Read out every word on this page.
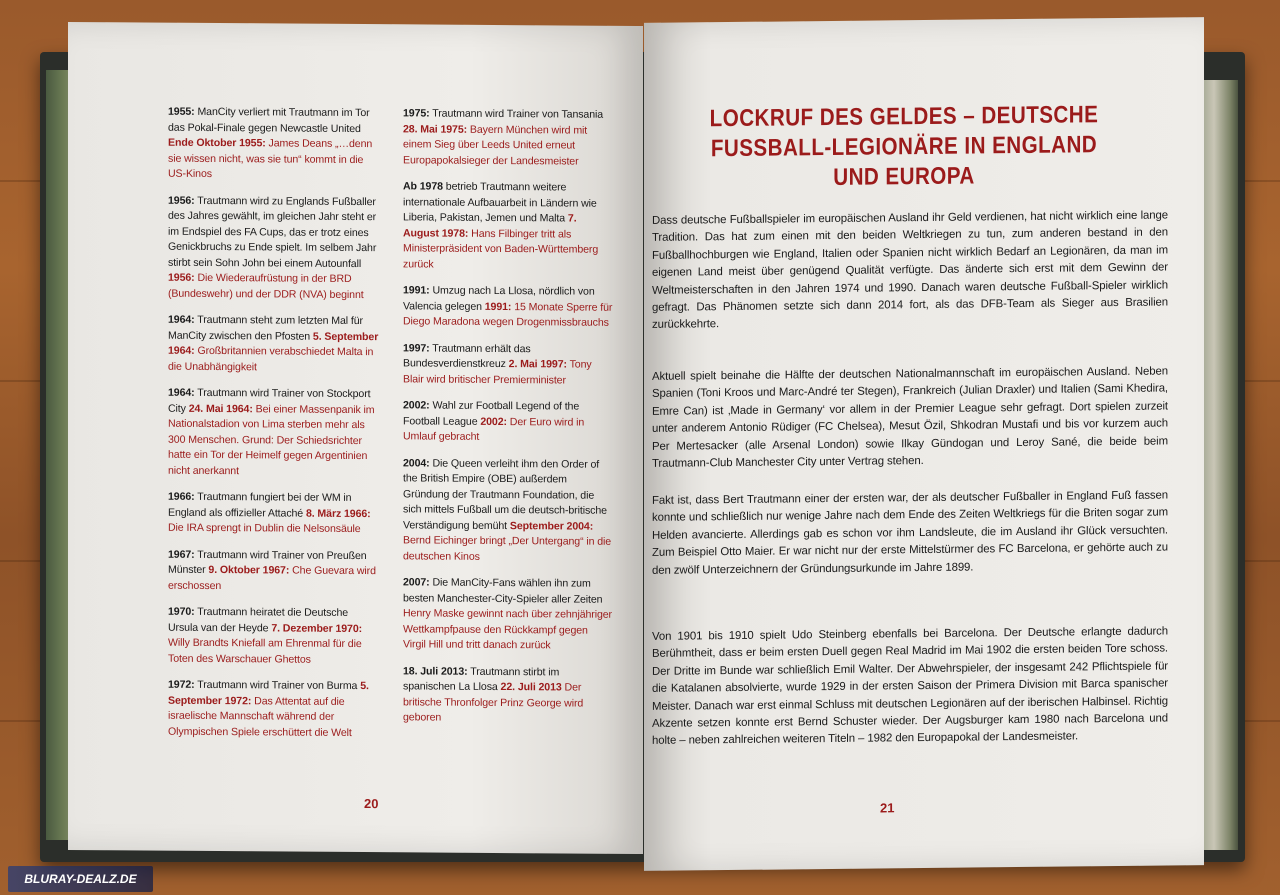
1955: ManCity verliert mit Trautmann im Tor das Pokal-Finale gegen Newcastle United Ende Oktober 1955: James Deans „…denn sie wissen nicht, was sie tun“ kommt in die US-Kinos
1956: Trautmann wird zu Englands Fußballer des Jahres gewählt, im gleichen Jahr steht er im Endspiel des FA Cups, das er trotz eines Genickbruchs zu Ende spielt. Im selbem Jahr stirbt sein Sohn John bei einem Autounfall 1956: Die Wiederaufrüstung in der BRD (Bundeswehr) und der DDR (NVA) beginnt
1964: Trautmann steht zum letzten Mal für ManCity zwischen den Pfosten 5. September 1964: Großbritannien verabschiedet Malta in die Unabhängigkeit
1964: Trautmann wird Trainer von Stockport City 24. Mai 1964: Bei einer Massenpanik im Nationalstadion von Lima sterben mehr als 300 Menschen. Grund: Der Schiedsrichter hatte ein Tor der Heimelf gegen Argentinien nicht anerkannt
1966: Trautmann fungiert bei der WM in England als offizieller Attaché 8. März 1966: Die IRA sprengt in Dublin die Nelsonsäule
1967: Trautmann wird Trainer von Preußen Münster 9. Oktober 1967: Che Guevara wird erschossen
1970: Trautmann heiratet die Deutsche Ursula van der Heyde 7. Dezember 1970: Willy Brandts Kniefall am Ehrenmal für die Toten des Warschauer Ghettos
1972: Trautmann wird Trainer von Burma 5. September 1972: Das Attentat auf die israelische Mannschaft während der Olympischen Spiele erschüttert die Welt
1975: Trautmann wird Trainer von Tansania 28. Mai 1975: Bayern München wird mit einem Sieg über Leeds United erneut Europapokalsieger der Landesmeister
Ab 1978 betrieb Trautmann weitere internationale Aufbauarbeit in Ländern wie Liberia, Pakistan, Jemen und Malta 7. August 1978: Hans Filbinger tritt als Ministerpräsident von Baden-Württemberg zurück
1991: Umzug nach La Llosa, nördlich von Valencia gelegen 1991: 15 Monate Sperre für Diego Maradona wegen Drogenmissbrauchs
1997: Trautmann erhält das Bundesverdienstkreuz 2. Mai 1997: Tony Blair wird britischer Premierminister
2002: Wahl zur Football Legend of the Football League 2002: Der Euro wird in Umlauf gebracht
2004: Die Queen verleiht ihm den Order of the British Empire (OBE) außerdem Gründung der Trautmann Foundation, die sich mittels Fußball um die deutsch-britische Verständigung bemüht September 2004: Bernd Eichinger bringt „Der Untergang“ in die deutschen Kinos
2007: Die ManCity-Fans wählen ihn zum besten Manchester-City-Spieler aller Zeiten Henry Maske gewinnt nach über zehnjähriger Wettkampfpause den Rückkampf gegen Virgil Hill und tritt danach zurück
18. Juli 2013: Trautmann stirbt im spanischen La Llosa 22. Juli 2013 Der britische Thronfolger Prinz George wird geboren
20
LOCKRUF DES GELDES – DEUTSCHE FUSSBALL-LEGIONÄRE IN ENGLAND UND EUROPA
Dass deutsche Fußballspieler im europäischen Ausland ihr Geld verdienen, hat nicht wirklich eine lange Tradition. Das hat zum einen mit den beiden Weltkriegen zu tun, zum anderen bestand in den Fußballhochburgen wie England, Italien oder Spanien nicht wirklich Bedarf an Legionären, da man im eigenen Land meist über genügend Qualität verfügte. Das änderte sich erst mit dem Gewinn der Weltmeisterschaften in den Jahren 1974 und 1990. Danach waren deutsche Fußball-Spieler wirklich gefragt. Das Phänomen setzte sich dann 2014 fort, als das DFB-Team als Sieger aus Brasilien zurückkehrte.
Aktuell spielt beinahe die Hälfte der deutschen Nationalmannschaft im europäischen Ausland. Neben Spanien (Toni Kroos und Marc-André ter Stegen), Frankreich (Julian Draxler) und Italien (Sami Khedira, Emre Can) ist ‚Made in Germany‘ vor allem in der Premier League sehr gefragt. Dort spielen zurzeit unter anderem Antonio Rüdiger (FC Chelsea), Mesut Özil, Shkodran Mustafi und bis vor kurzem auch Per Mertesacker (alle Arsenal London) sowie Ilkay Gündogan und Leroy Sané, die beide beim Trautmann-Club Manchester City unter Vertrag stehen.
Fakt ist, dass Bert Trautmann einer der ersten war, der als deutscher Fußballer in England Fuß fassen konnte und schließlich nur wenige Jahre nach dem Ende des Zeiten Weltkriegs für die Briten sogar zum Helden avancierte. Allerdings gab es schon vor ihm Landsleute, die im Ausland ihr Glück versuchten. Zum Beispiel Otto Maier. Er war nicht nur der erste Mittelstürmer des FC Barcelona, er gehörte auch zu den zwölf Unterzeichnern der Gründungsurkunde im Jahre 1899.
Von 1901 bis 1910 spielt Udo Steinberg ebenfalls bei Barcelona. Der Deutsche erlangte dadurch Berühmtheit, dass er beim ersten Duell gegen Real Madrid im Mai 1902 die ersten beiden Tore schoss. Der Dritte im Bunde war schließlich Emil Walter. Der Abwehrspieler, der insgesamt 242 Pflichtspiele für die Katalanen absolvierte, wurde 1929 in der ersten Saison der Primera Division mit Barca spanischer Meister. Danach war erst einmal Schluss mit deutschen Legionären auf der iberischen Halbinsel. Richtig Akzente setzen konnte erst Bernd Schuster wieder. Der Augsburger kam 1980 nach Barcelona und holte – neben zahlreichen weiteren Titeln – 1982 den Europapokal der Landesmeister.
21
BLURAY-DEALZ.DE
